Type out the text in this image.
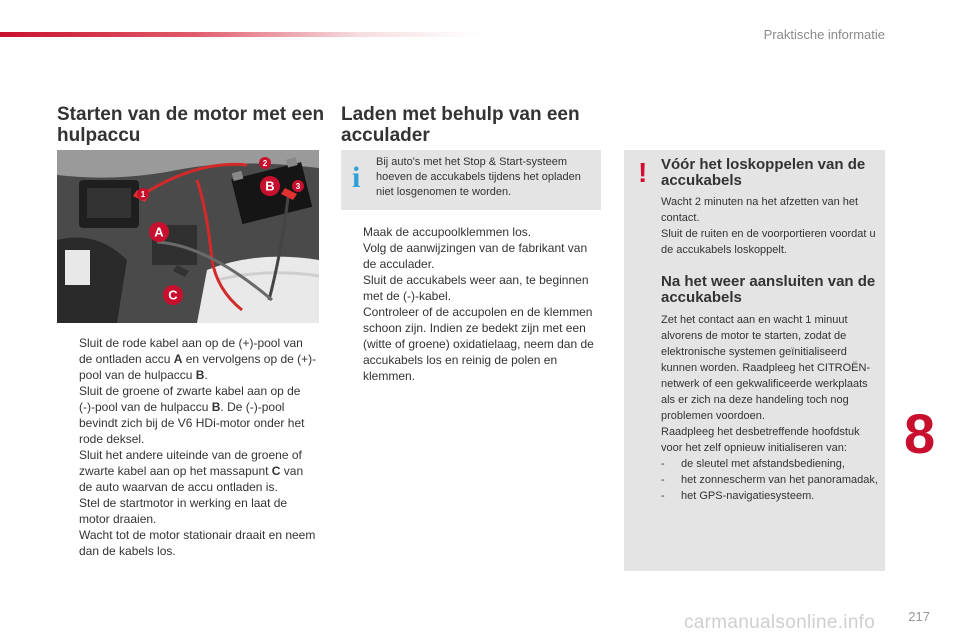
Praktische informatie
Starten van de motor met een hulpaccu
A
B
C
1
2
3
Sluit de rode kabel aan op de (+)-pool van de ontladen accu A en vervolgens op de (+)-pool van de hulpaccu B.
Sluit de groene of zwarte kabel aan op de (-)-pool van de hulpaccu B. De (-)-pool bevindt zich bij de V6 HDi-motor onder het rode deksel.
Sluit het andere uiteinde van de groene of zwarte kabel aan op het massapunt C van de auto waarvan de accu ontladen is.
Stel de startmotor in werking en laat de motor draaien.
Wacht tot de motor stationair draait en neem dan de kabels los.
Laden met behulp van een acculader
i Bij auto's met het Stop & Start-systeem hoeven de accukabels tijdens het opladen niet losgenomen te worden.
Maak de accupoolklemmen los.
Volg de aanwijzingen van de fabrikant van de acculader.
Sluit de accukabels weer aan, te beginnen met de (-)-kabel.
Controleer of de accupolen en de klemmen schoon zijn. Indien ze bedekt zijn met een (witte of groene) oxidatielaag, neem dan de accukabels los en reinig de polen en klemmen.
! Vóór het loskoppelen van de accukabels
Wacht 2 minuten na het afzetten van het contact.
Sluit de ruiten en de voorportieren voordat u de accukabels loskoppelt.
Na het weer aansluiten van de accukabels
Zet het contact aan en wacht 1 minuut alvorens de motor te starten, zodat de elektronische systemen geïnitialiseerd kunnen worden. Raadpleeg het CITROËN-netwerk of een gekwalificeerde werkplaats als er zich na deze handeling toch nog problemen voordoen.
Raadpleeg het desbetreffende hoofdstuk voor het zelf opnieuw initialiseren van:
- de sleutel met afstandsbediening,
- het zonnescherm van het panoramadak,
- het GPS-navigatiesysteem.
8
217
carmanualsonline.info
